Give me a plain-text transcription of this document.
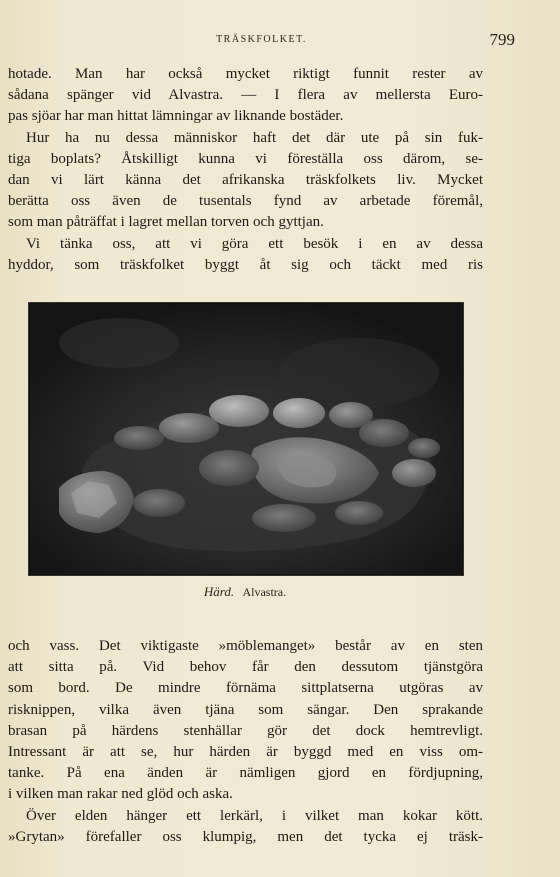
TRÄSKFOLKET.	799
hotade. Man har också mycket riktigt funnit rester av
sådana spänger vid Alvastra. — I flera av mellersta Euro-
pas sjöar har man hittat lämningar av liknande bostäder.
Hur ha nu dessa människor haft det där ute på sin fuk-
tiga boplats? Åtskilligt kunna vi föreställa oss därom, se-
dan vi lärt känna det afrikanska träskfolkets liv. Mycket
berätta oss även de tusentals fynd av arbetade föremål,
som man påträffat i lagret mellan torven och gyttjan.
Vi tänka oss, att vi göra ett besök i en av dessa
hyddor, som träskfolket byggt åt sig och täckt med ris
Härd. Alvastra.
och vass. Det viktigaste »möblemanget» består av en sten
att sitta på. Vid behov får den dessutom tjänstgöra
som bord. De mindre förnäma sittplatserna utgöras av
risknippen, vilka även tjäna som sängar. Den sprakande
brasan på härdens stenhällar gör det dock hemtrevligt.
Intressant är att se, hur härden är byggd med en viss om-
tanke. På ena änden är nämligen gjord en fördjupning,
i vilken man rakar ned glöd och aska.
Över elden hänger ett lerkärl, i vilket man kokar kött.
»Grytan» förefaller oss klumpig, men det tycka ej träsk-
